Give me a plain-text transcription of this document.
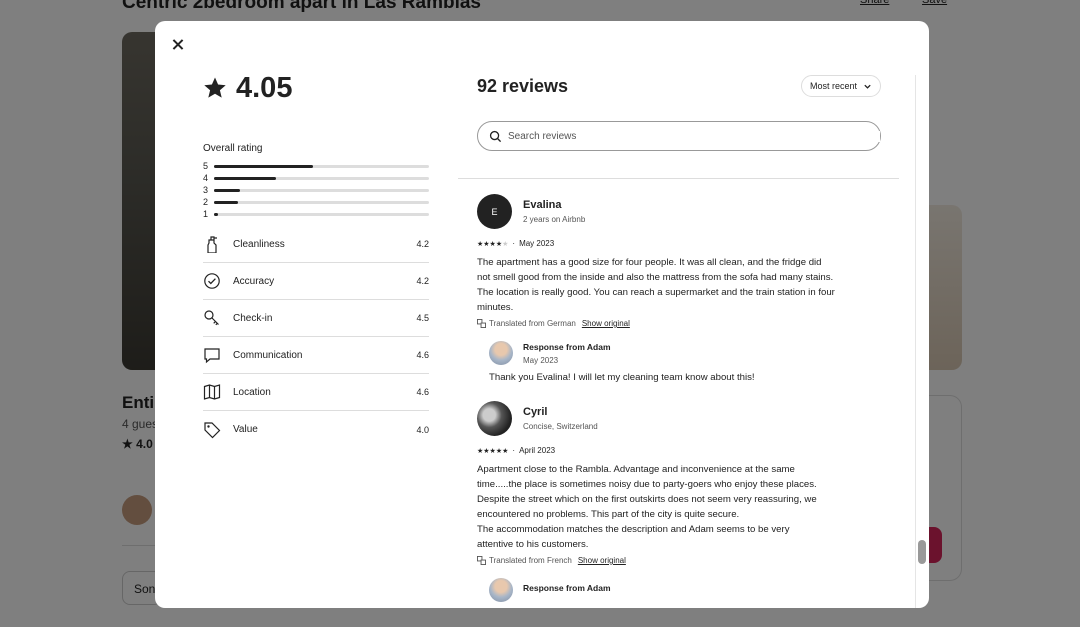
4.05
Overall rating
5
4
3
2
1
Cleanliness	4.2
Accuracy	4.2
Check-in	4.5
Communication	4.6
Location	4.6
Value	4.0
92 reviews	Most recent
Search reviews
E
Evalina
2 years on Airbnb
★★★★★ · May 2023
The apartment has a good size for four people. It was all clean, and the fridge did
not smell good from the inside and also the mattress from the sofa had many stains.
The location is really good. You can reach a supermarket and the train station in four
minutes.
Translated from German Show original
Response from Adam
May 2023
Thank you Evalina! I will let my cleaning team know about this!
Cyril
Concise, Switzerland
★★★★★ · April 2023
Apartment close to the Rambla. Advantage and inconvenience at the same
time.....the place is sometimes noisy due to party-goers who enjoy these places.
Despite the street which on the first outskirts does not seem very reassuring, we
encountered no problems. This part of the city is quite secure.
The accommodation matches the description and Adam seems to be very
attentive to his customers.
Translated from French Show original
Response from Adam
